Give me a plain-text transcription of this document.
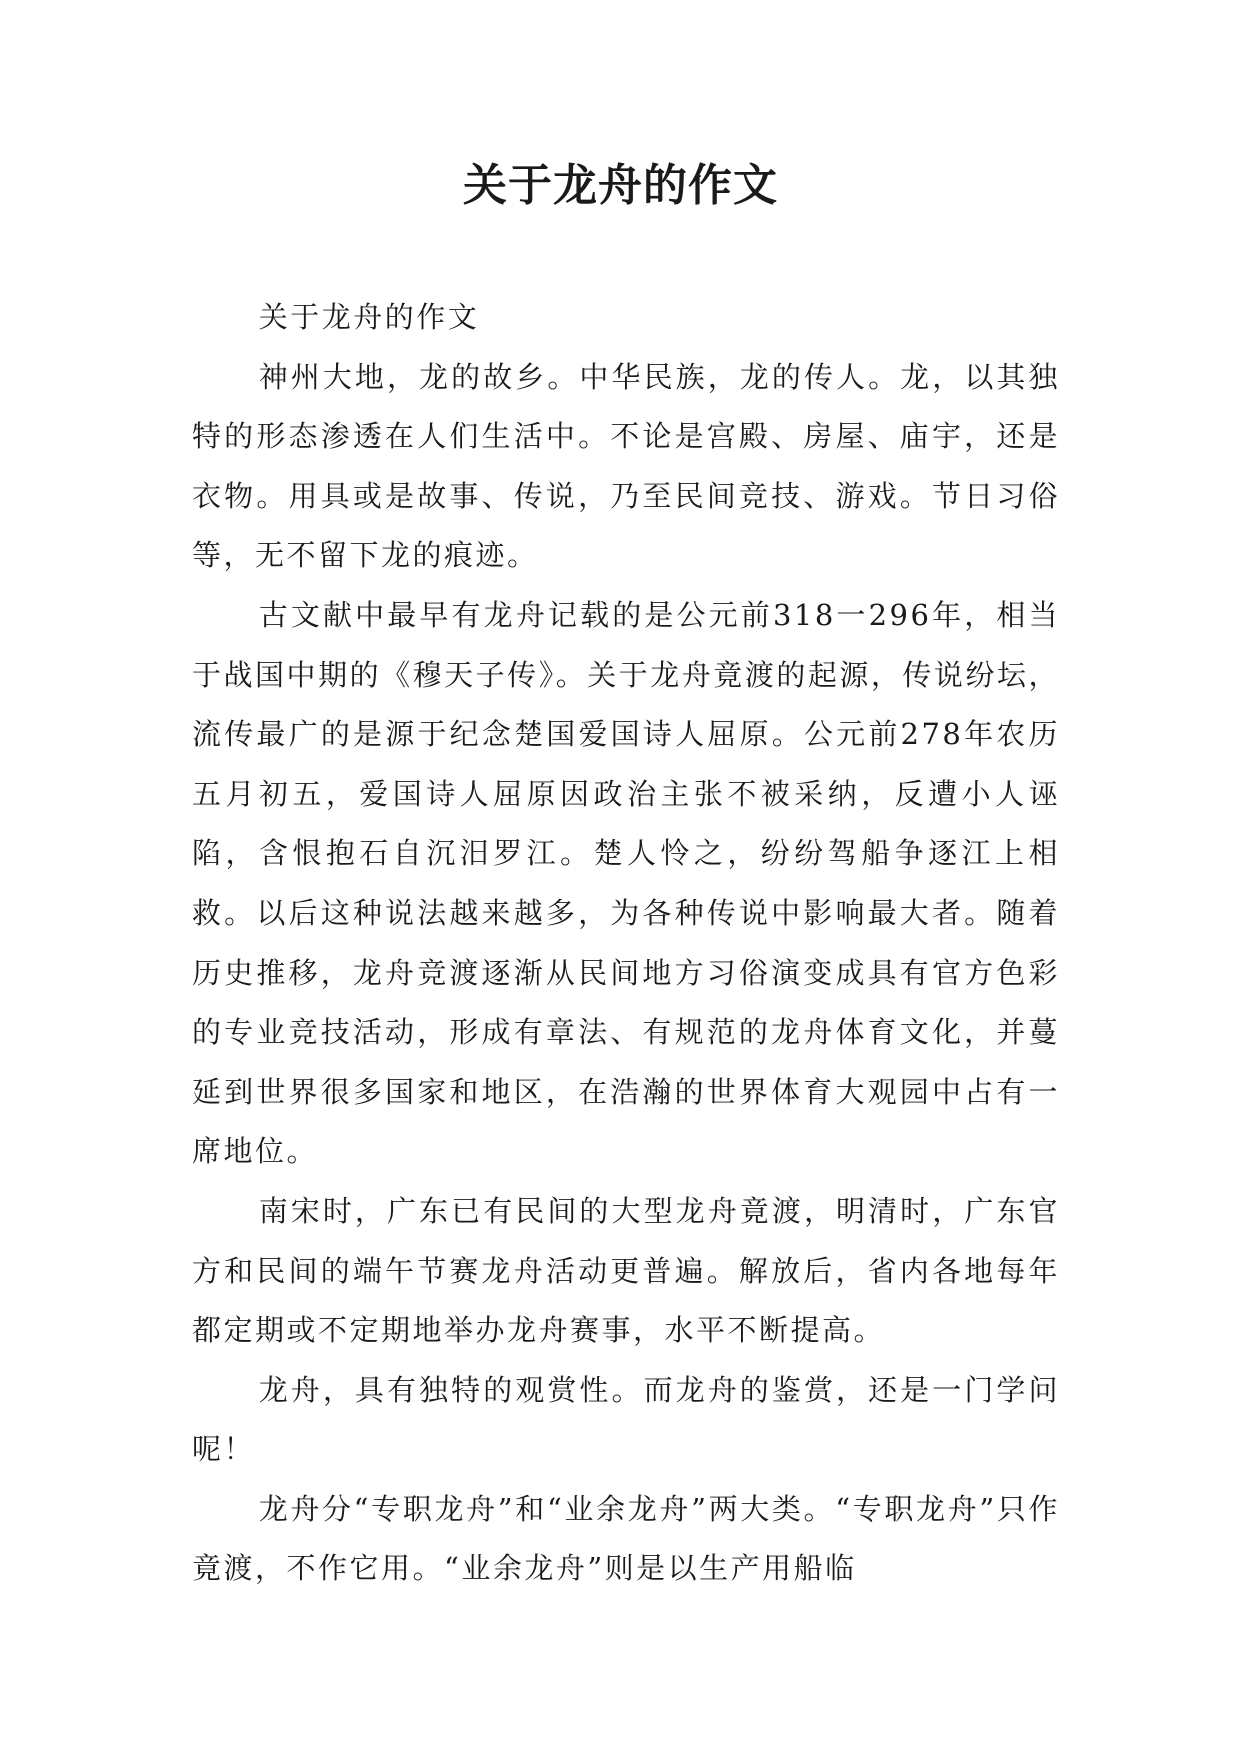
关于龙舟的作文

关于龙舟的作文

神州大地，龙的故乡。中华民族，龙的传人。龙，以其独特的形态渗透在人们生活中。不论是宫殿、房屋、庙宇，还是衣物。用具或是故事、传说，乃至民间竞技、游戏。节日习俗等，无不留下龙的痕迹。

古文献中最早有龙舟记载的是公元前318一296年，相当于战国中期的《穆天子传》。关于龙舟竟渡的起源，传说纷坛，流传最广的是源于纪念楚国爱国诗人屈原。公元前278年农历五月初五，爱国诗人屈原因政治主张不被采纳，反遭小人诬陷，含恨抱石自沉汨罗江。楚人怜之，纷纷驾船争逐江上相救。以后这种说法越来越多，为各种传说中影响最大者。随着历史推移，龙舟竞渡逐渐从民间地方习俗演变成具有官方色彩的专业竞技活动，形成有章法、有规范的龙舟体育文化，并蔓延到世界很多国家和地区，在浩瀚的世界体育大观园中占有一席地位。

南宋时，广东已有民间的大型龙舟竟渡，明清时，广东官方和民间的端午节赛龙舟活动更普遍。解放后，省内各地每年都定期或不定期地举办龙舟赛事，水平不断提高。

龙舟，具有独特的观赏性。而龙舟的鉴赏，还是一门学问呢！

龙舟分“专职龙舟”和“业余龙舟”两大类。“专职龙舟”只作竟渡，不作它用。“业余龙舟”则是以生产用船临
